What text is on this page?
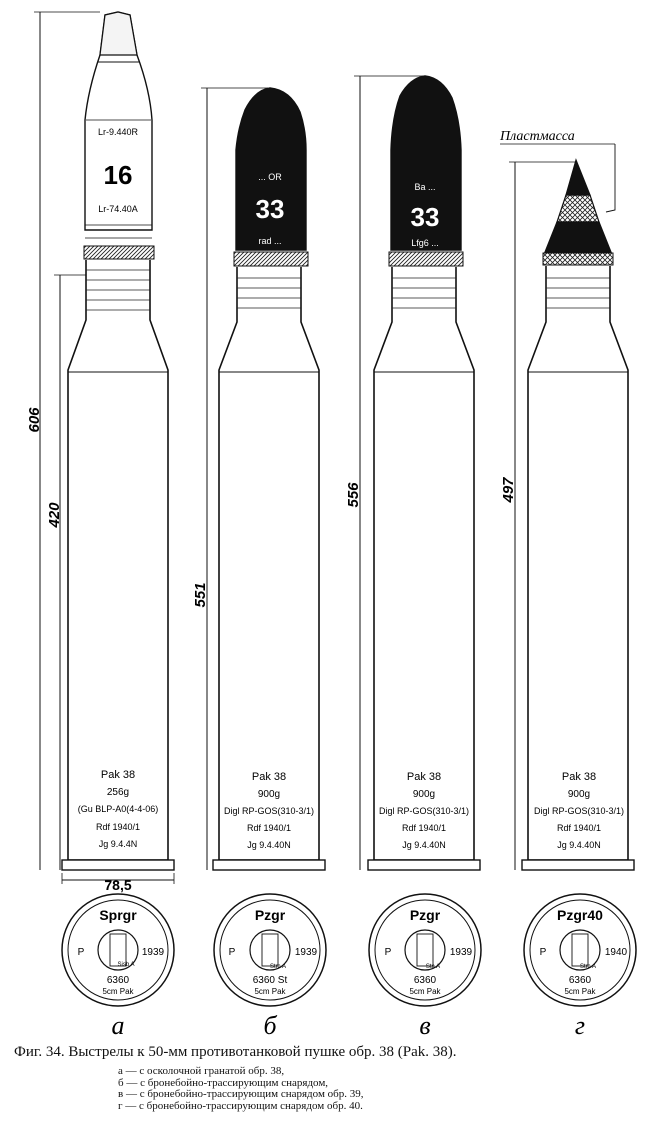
606
420
78,5
Lr-9.440R
16
Lr-74.40A
Pak 38
256g
(Gu BLP-A0(4-4-06)
Rdf 1940/1
Jg 9.4.4N
551
... OR
33
rad ...
Pak 38
900g
Digl RP-GOS(310-3/1)
Rdf 1940/1
Jg 9.4.40N
556
Ba ...
33
Lfg6 ...
Pak 38
900g
Digl RP-GOS(310-3/1)
Rdf 1940/1
Jg 9.4.40N
497
Пластмасса
Pak 38
900g
Digl RP-GOS(310-3/1)
Rdf 1940/1
Jg 9.4.40N
Sprgr
P	1939
Sisb A
6360
5cm Pak
а
Pzgr
P	1939
Stm A
6360 St
5cm Pak
б
Pzgr
P	1939
Sta A
6360
5cm Pak
в
Pzgr40
P	1940
Stm A
6360
5cm Pak
г
Фиг. 34. Выстрелы к 50-мм противотанковой пушке обр. 38 (Pak. 38).
а — с осколочной гранатой обр. 38,
б — с бронебойно-трассирующим снарядом,
в — с бронебойно-трассирующим снарядом обр. 39,
г — с бронебойно-трассирующим снарядом обр. 40.
